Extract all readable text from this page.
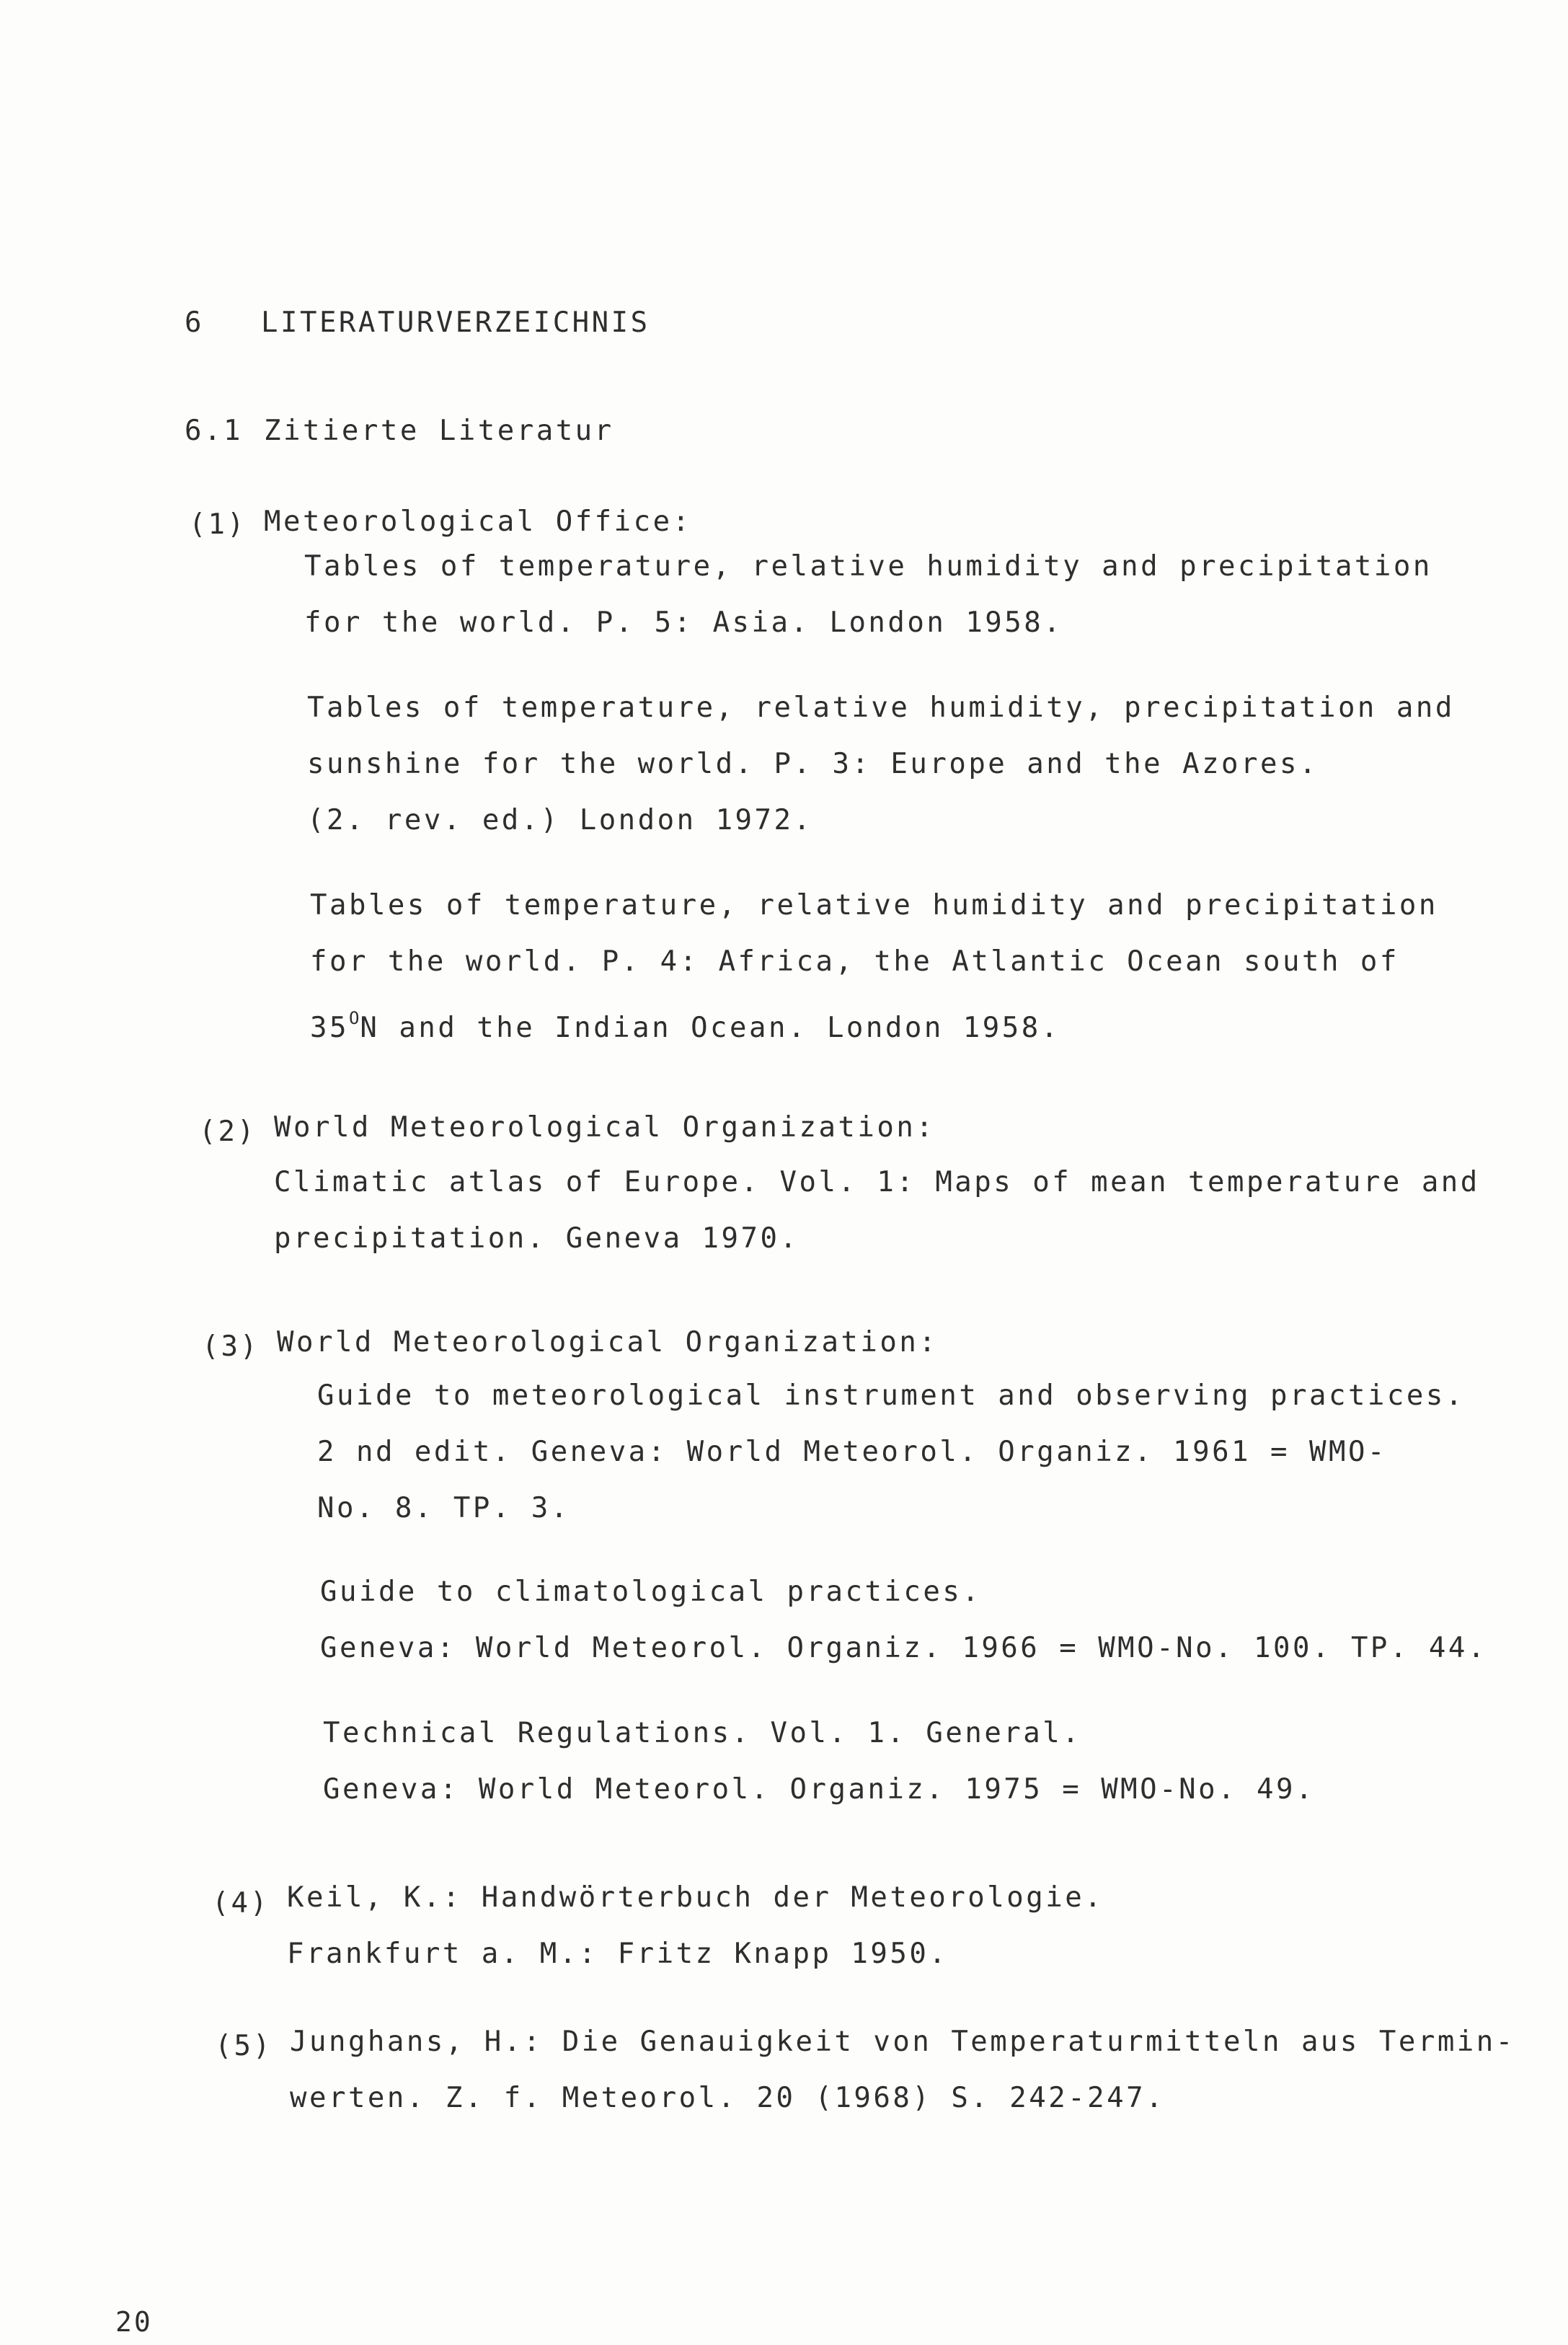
6 LITERATURVERZEICHNIS
6.1 Zitierte Literatur
(1) Meteorological Office:
Tables of temperature, relative humidity and precipitation
for the world. P. 5: Asia. London 1958.
Tables of temperature, relative humidity, precipitation and
sunshine for the world. P. 3: Europe and the Azores.
(2. rev. ed.) London 1972.
Tables of temperature, relative humidity and precipitation
for the world. P. 4: Africa, the Atlantic Ocean south of
$35^ON$ and the Indian Ocean. London 1958.
(2) World Meteorological Organization:
Climatic atlas of Europe. Vol. 1: Maps of mean temperature and
precipitation. Geneva 1970.
(3) World Meteorological Organization:
Guide to meteorological instrument and observing practices.
2 nd edit. Geneva: World Meteorol. Organiz. 1961 = WMO-
No. 8. TP. 3.
Guide to climatological practices.
Geneva: World Meteorol. Organiz. 1966 = WMO-No. 100. TP. 44.
Technical Regulations. Vol. 1. General.
Geneva: World Meteorol. Organiz. 1975 = WMO-No. 49.
(4) Keil, K.: Handwörterbuch der Meteorologie.
Frankfurt a. M.: Fritz Knapp 1950.
(5) Junghans, H.: Die Genauigkeit von Temperaturmitteln aus Termin-
werten. Z. f. Meteorol. 20 (1968) S. 242-247.
20
